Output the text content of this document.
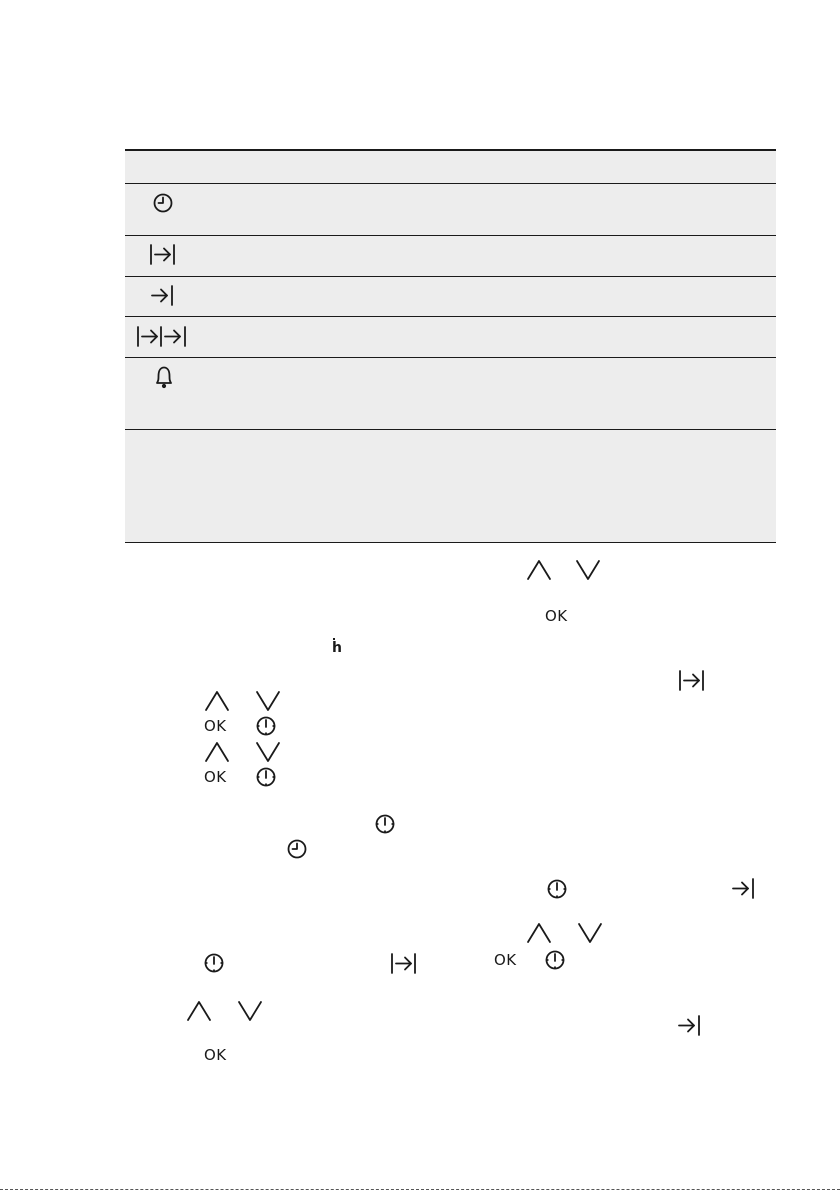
OK
h
OK
OK
OK
OK
